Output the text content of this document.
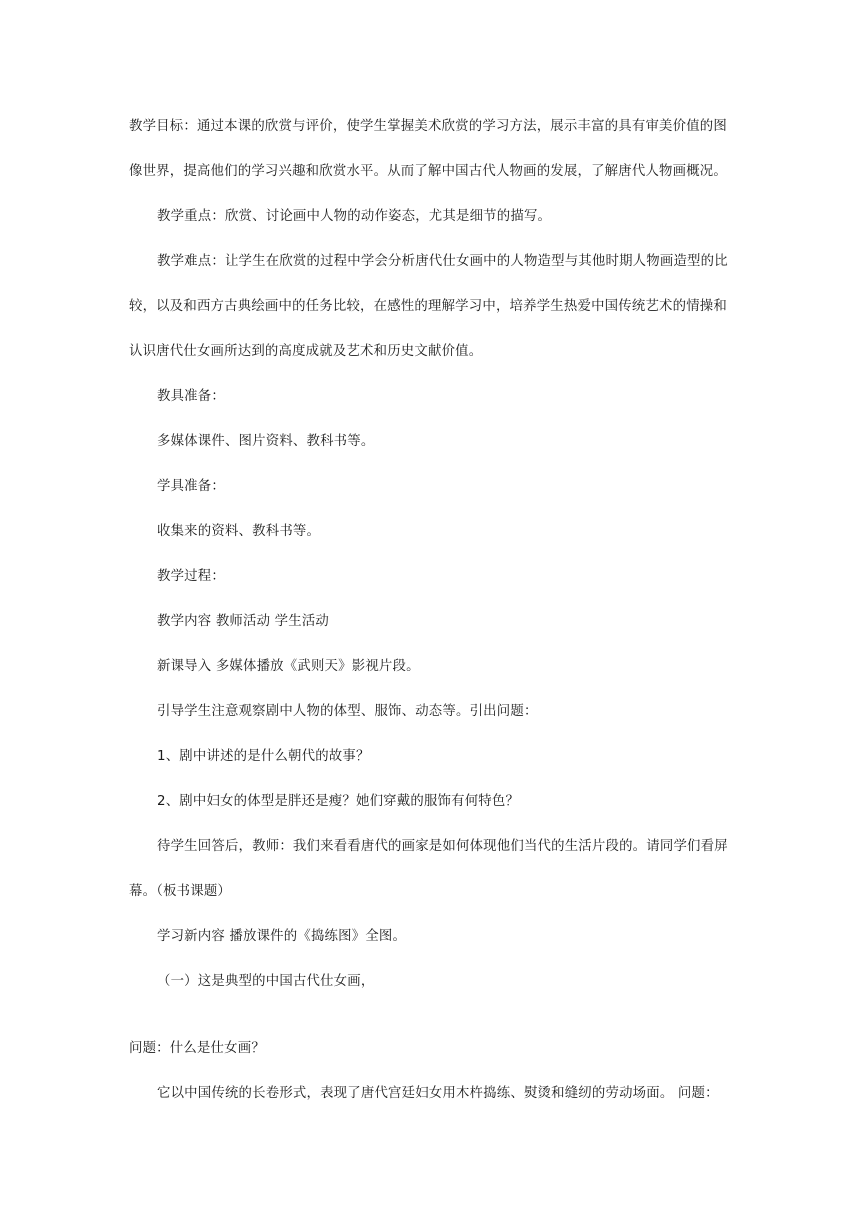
教学目标：通过本课的欣赏与评价，使学生掌握美术欣赏的学习方法，展示丰富的具有审美价值的图
像世界，提高他们的学习兴趣和欣赏水平。从而了解中国古代人物画的发展，了解唐代人物画概况。
教学重点：欣赏、讨论画中人物的动作姿态，尤其是细节的描写。
教学难点：让学生在欣赏的过程中学会分析唐代仕女画中的人物造型与其他时期人物画造型的比
较，以及和西方古典绘画中的任务比较，在感性的理解学习中，培养学生热爱中国传统艺术的情操和
认识唐代仕女画所达到的高度成就及艺术和历史文献价值。
教具准备：
多媒体课件、图片资料、教科书等。
学具准备：
收集来的资料、教科书等。
教学过程：
教学内容 教师活动 学生活动
新课导入 多媒体播放《武则天》影视片段。
引导学生注意观察剧中人物的体型、服饰、动态等。引出问题：
1、剧中讲述的是什么朝代的故事？
2、剧中妇女的体型是胖还是瘦？她们穿戴的服饰有何特色？
待学生回答后，教师：我们来看看唐代的画家是如何体现他们当代的生活片段的。请同学们看屏
幕。（板书课题）
学习新内容 播放课件的《捣练图》全图。
（一）这是典型的中国古代仕女画，
问题：什么是仕女画？
它以中国传统的长卷形式，表现了唐代宫廷妇女用木杵捣练、熨烫和缝纫的劳动场面。 问题：
